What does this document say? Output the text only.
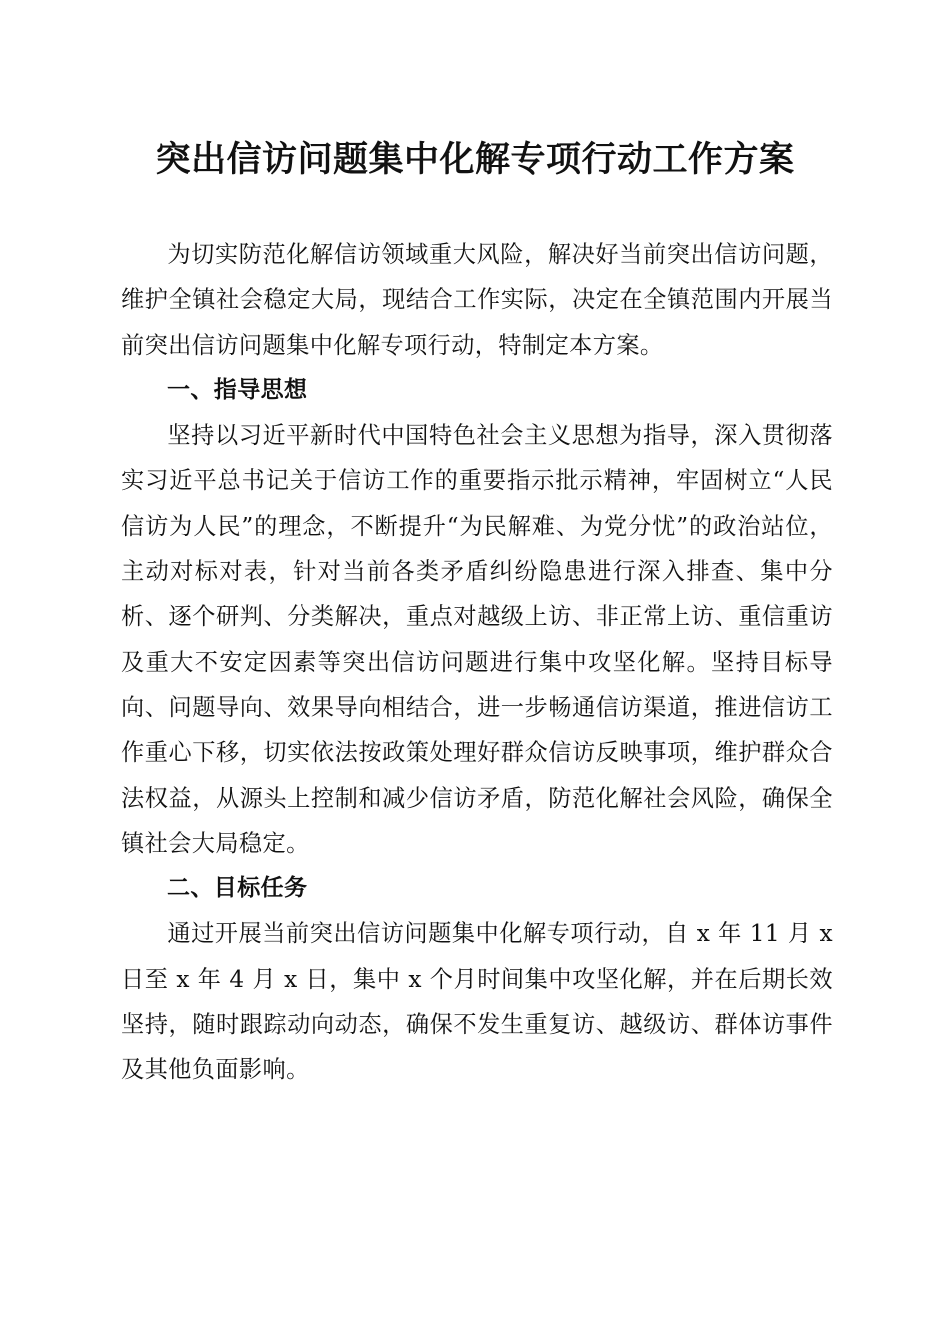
突出信访问题集中化解专项行动工作方案

为切实防范化解信访领域重大风险，解决好当前突出信访问题，维护全镇社会稳定大局，现结合工作实际，决定在全镇范围内开展当前突出信访问题集中化解专项行动，特制定本方案。

一、指导思想

坚持以习近平新时代中国特色社会主义思想为指导，深入贯彻落实习近平总书记关于信访工作的重要指示批示精神，牢固树立“人民信访为人民”的理念，不断提升“为民解难、为党分忧”的政治站位，主动对标对表，针对当前各类矛盾纠纷隐患进行深入排查、集中分析、逐个研判、分类解决，重点对越级上访、非正常上访、重信重访及重大不安定因素等突出信访问题进行集中攻坚化解。坚持目标导向、问题导向、效果导向相结合，进一步畅通信访渠道，推进信访工作重心下移，切实依法按政策处理好群众信访反映事项，维护群众合法权益，从源头上控制和减少信访矛盾，防范化解社会风险，确保全镇社会大局稳定。

二、目标任务

通过开展当前突出信访问题集中化解专项行动，自 x 年 11 月 x 日至 x 年 4 月 x 日，集中 x 个月时间集中攻坚化解，并在后期长效坚持，随时跟踪动向动态，确保不发生重复访、越级访、群体访事件及其他负面影响。
